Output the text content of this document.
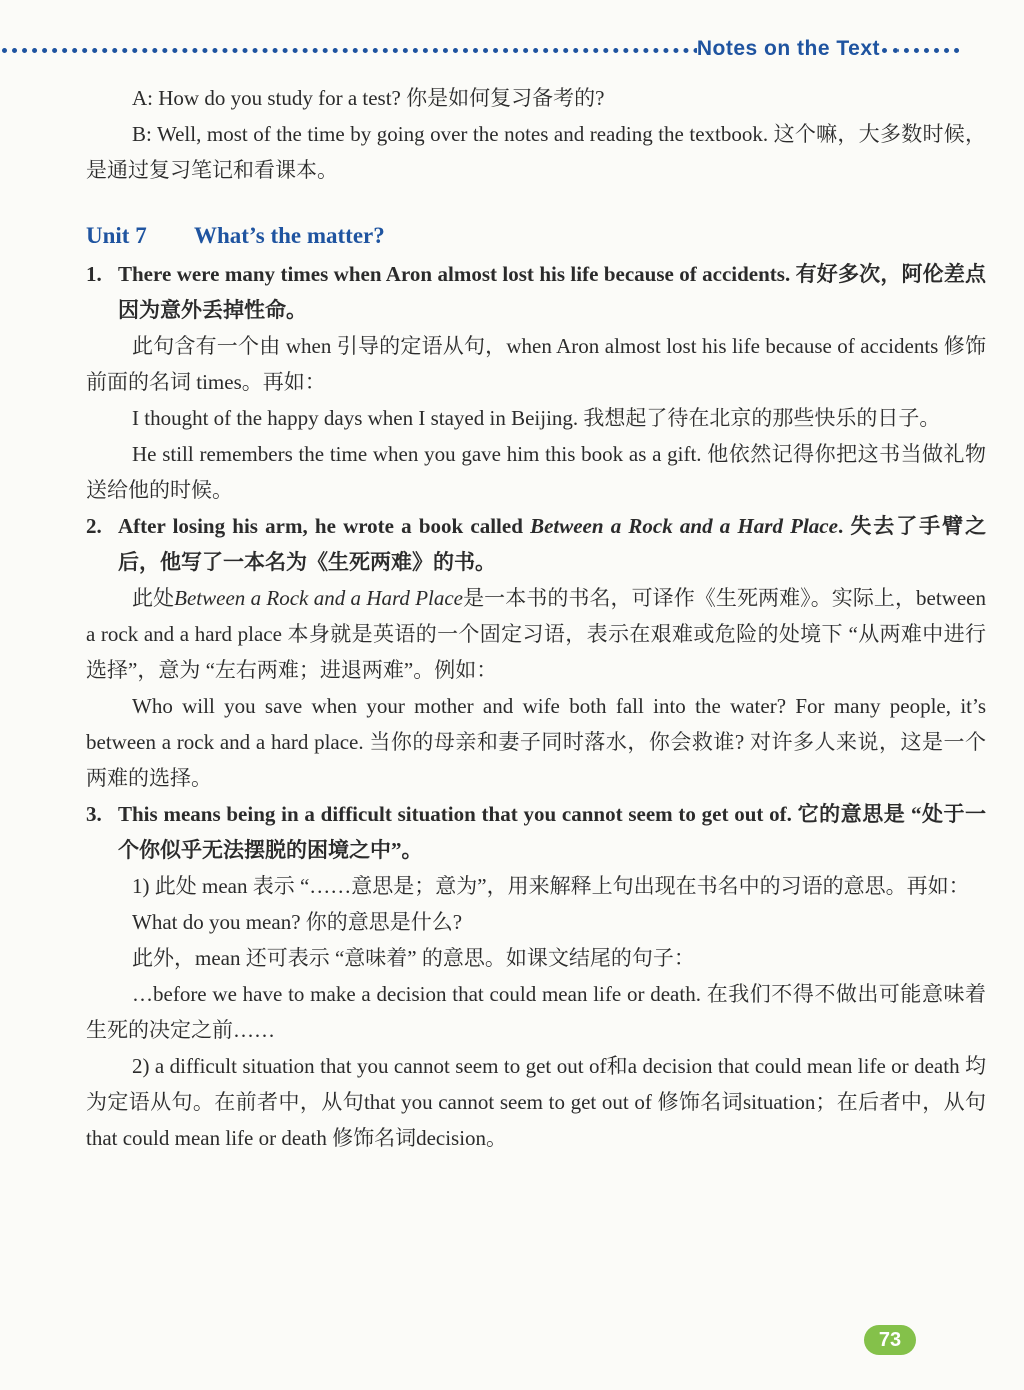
Notes on the Text

A: How do you study for a test? 你是如何复习备考的?

B: Well, most of the time by going over the notes and reading the textbook. 这个嘛，大多数时候，是通过复习笔记和看课本。

Unit 7 What’s the matter?

1. There were many times when Aron almost lost his life because of accidents. 有好多次，阿伦差点因为意外丢掉性命。

此句含有一个由 when 引导的定语从句，when Aron almost lost his life because of accidents 修饰前面的名词 times。再如：

I thought of the happy days when I stayed in Beijing. 我想起了待在北京的那些快乐的日子。

He still remembers the time when you gave him this book as a gift. 他依然记得你把这书当做礼物送给他的时候。

2. After losing his arm, he wrote a book called Between a Rock and a Hard Place. 失去了手臂之后，他写了一本名为《生死两难》的书。

此处Between a Rock and a Hard Place是一本书的书名，可译作《生死两难》。实际上，between a rock and a hard place 本身就是英语的一个固定习语，表示在艰难或危险的处境下 “从两难中进行选择”，意为 “左右两难；进退两难”。例如：

Who will you save when your mother and wife both fall into the water? For many people, it’s between a rock and a hard place. 当你的母亲和妻子同时落水，你会救谁? 对许多人来说，这是一个两难的选择。

3. This means being in a difficult situation that you cannot seem to get out of. 它的意思是 “处于一个你似乎无法摆脱的困境之中”。

1) 此处 mean 表示 “……意思是；意为”，用来解释上句出现在书名中的习语的意思。再如：

What do you mean? 你的意思是什么?

此外，mean 还可表示 “意味着” 的意思。如课文结尾的句子：

…before we have to make a decision that could mean life or death. 在我们不得不做出可能意味着生死的决定之前……

2) a difficult situation that you cannot seem to get out of和a decision that could mean life or death 均为定语从句。在前者中，从句that you cannot seem to get out of 修饰名词situation；在后者中，从句that could mean life or death 修饰名词decision。

73
